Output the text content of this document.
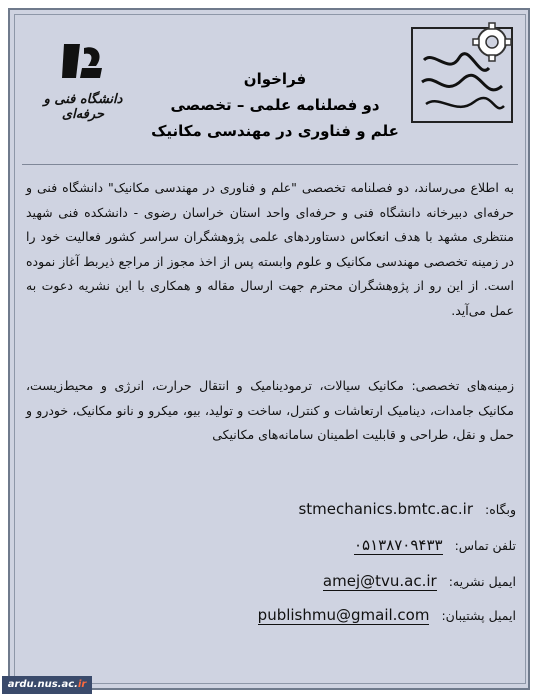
دانشگاه فنی و حرفه‌ای
فراخوان
دو فصلنامه علمی – تخصصی
علم و فناوری در مهندسی مکانیک
به اطلاع می‌رساند، دو فصلنامه تخصصی "علم و فناوری در مهندسی مکانیک" دانشگاه فنی و حرفه‌ای دبیرخانه دانشگاه فنی و حرفه‌ای واحد استان خراسان رضوی - دانشکده فنی شهید منتظری مشهد با هدف انعکاس دستاوردهای علمی پژوهشگران سراسر کشور فعالیت خود را در زمینه تخصصی مهندسی مکانیک و علوم وابسته پس از اخذ مجوز از مراجع ذیربط آغاز نموده است. از این رو از پژوهشگران محترم جهت ارسال مقاله و همکاری با این نشریه دعوت به عمل می‌آید.
زمینه‌های تخصصی: مکانیک سیالات، ترمودینامیک و انتقال حرارت، انرژی و محیط‌زیست، مکانیک جامدات، دینامیک ارتعاشات و کنترل، ساخت و تولید، بیو، میکرو و نانو مکانیک، خودرو و حمل و نقل، طراحی و قابلیت اطمینان سامانه‌های مکانیکی
وبگاه: stmechanics.bmtc.ac.ir
تلفن تماس: ۰۵۱۳۸۷۰۹۴۳۳
ایمیل نشریه: amej@tvu.ac.ir
ایمیل پشتیبان: publishmu@gmail.com
ardu.nus.ac.ir
